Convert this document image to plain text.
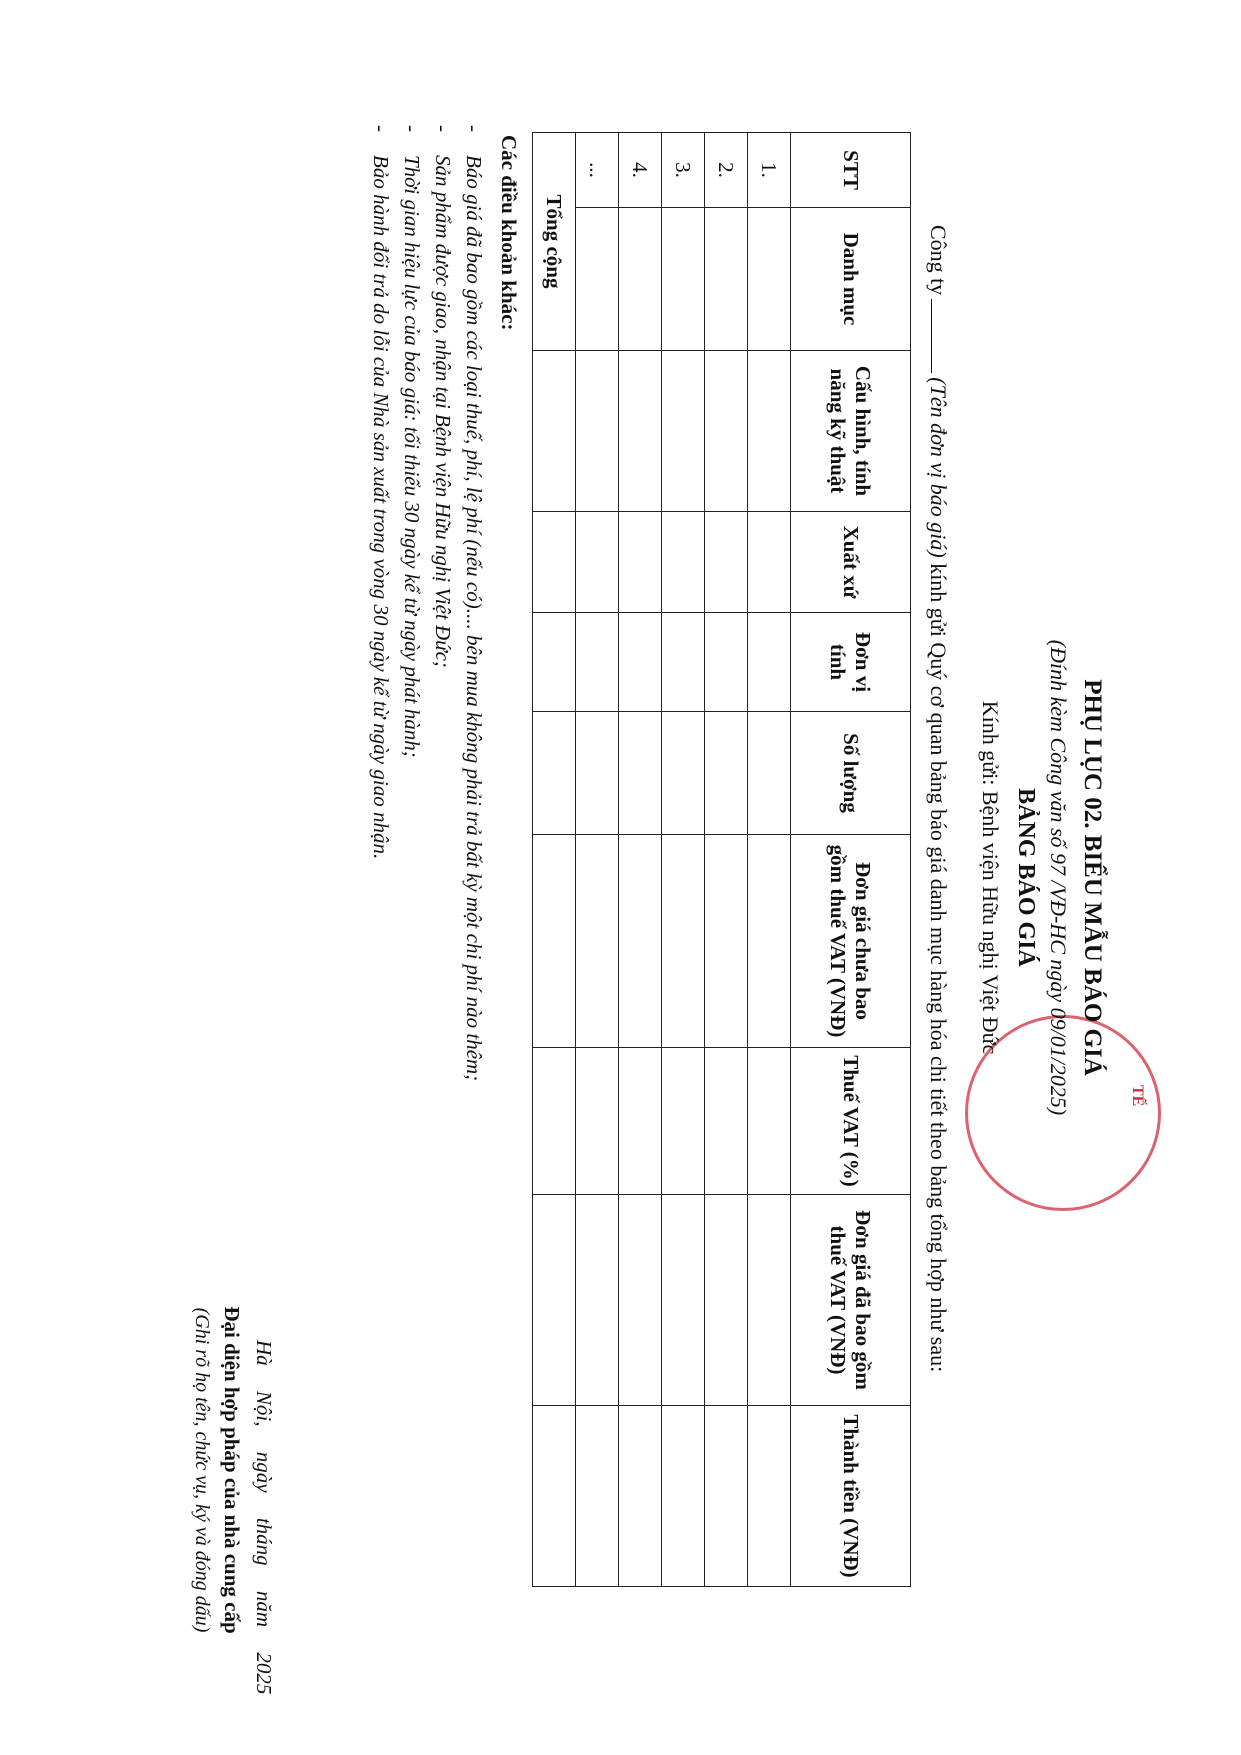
TẾ
PHỤ LỤC 02. BIỂU MẪU BÁO GIÁ
(Đính kèm Công văn số 97 /VĐ-HC ngày 09/01/2025)
BẢNG BÁO GIÁ
Kính gửi: Bệnh viện Hữu nghị Việt Đức
Công ty(Tên đơn vị báo giá) kính gửi Quý cơ quan bảng báo giá danh mục hàng hóa chi tiết theo bảng tổng hợp như sau:
STT	Danh mục	Cấu hình, tính năng kỹ thuật	Xuất xứ	Đơn vị tính	Số lượng	Đơn giá chưa bao gồm thuế VAT (VNĐ)	Thuế VAT (%)	Đơn giá đã bao gồm thuế VAT (VNĐ)	Thành tiền (VNĐ)
1.									
2.									
3.									
4.									
...									
Tổng cộng									
Các điều khoản khác:
-Báo giá đã bao gồm các loại thuế, phí, lệ phí (nếu có).... bên mua không phải trả bất kỳ một chi phí nào thêm;
-Sản phẩm được giao, nhận tại Bệnh viện Hữu nghị Việt Đức;
-Thời gian hiệu lực của báo giá: tối thiểu 30 ngày kể từ ngày phát hành;
-Bảo hành đổi trả do lỗi của Nhà sản xuất trong vòng 30 ngày kể từ ngày giao nhận.
Hà Nội, ngày tháng năm 2025
Đại diện hợp pháp của nhà cung cấp
(Ghi rõ họ tên, chức vụ, ký và đóng dấu)
